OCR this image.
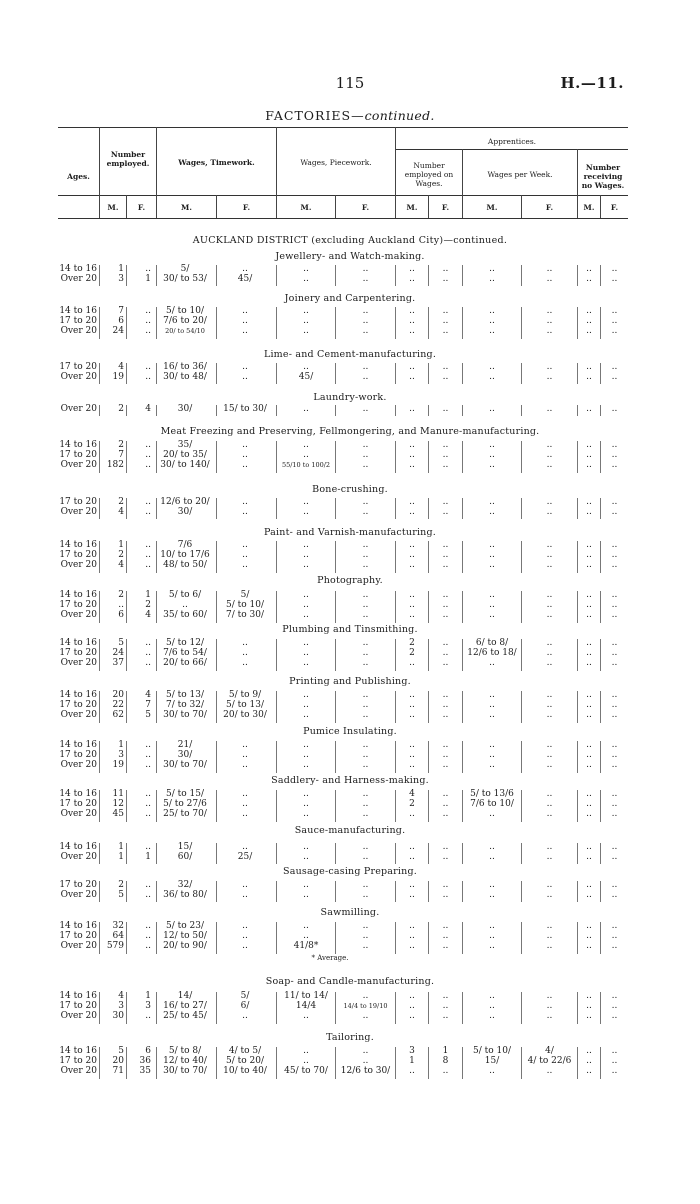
115	H.—11.
FACTORIES—continued.
Ages.
Number employed.	Wages, Timework.	Wages, Piecework.
Apprentices.
Number employed on Wages.
Wages per Week.
Number receiving no Wages.
M.	F.	M.	F.	M.	F.	M.	F.	M.	F.	M.	F.
AUCKLAND DISTRICT (excluding Auckland City)—continued.
Jewellery- and Watch-making.
14 to 16	1	..	5/	..	..	..	..	..	..	..	..	..
Over 20	3	1	30/ to 53/	45/	..	..	..	..	..	..	..	..
Joinery and Carpentering.
14 to 16	7	..	5/ to 10/	..	..	..	..	..	..	..	..	..
17 to 20	6	..	7/6 to 20/	..	..	..	..	..	..	..	..	..
Over 20	24	..	20/ to 54/10	..	..	..	..	..	..	..	..	..
Lime- and Cement-manufacturing.
17 to 20	4	..	16/ to 36/	..	..	..	..	..	..	..	..	..
Over 20	19	..	30/ to 48/	..	45/	..	..	..	..	..	..	..
Laundry-work.
Over 20	2	4	30/	15/ to 30/	..	..	..	..	..	..	..	..
Meat Freezing and Preserving, Fellmongering, and Manure-manufacturing.
14 to 16	2	..	35/	..	..	..	..	..	..	..	..	..
17 to 20	7	..	20/ to 35/	..	..	..	..	..	..	..	..	..
Over 20	182	..	30/ to 140/	..	55/10 to 100/2	..	..	..	..	..	..	..
Bone-crushing.
17 to 20	2	..	12/6 to 20/	..	..	..	..	..	..	..	..	..
Over 20	4	..	30/	..	..	..	..	..	..	..	..	..
Paint- and Varnish-manufacturing.
14 to 16	1	..	7/6	..	..	..	..	..	..	..	..	..
17 to 20	2	..	10/ to 17/6	..	..	..	..	..	..	..	..	..
Over 20	4	..	48/ to 50/	..	..	..	..	..	..	..	..	..
Photography.
14 to 16	2	1	5/ to 6/	5/	..	..	..	..	..	..	..	..
17 to 20	..	2	..	5/ to 10/	..	..	..	..	..	..	..	..
Over 20	6	4	35/ to 60/	7/ to 30/	..	..	..	..	..	..	..	..
Plumbing and Tinsmithing.
14 to 16	5	..	5/ to 12/	..	..	..	2	..	6/ to 8/	..	..	..
17 to 20	24	..	7/6 to 54/	..	..	..	2	..	12/6 to 18/	..	..	..
Over 20	37	..	20/ to 66/	..	..	..	..	..	..	..	..	..
Printing and Publishing.
14 to 16	20	4	5/ to 13/	5/ to 9/	..	..	..	..	..	..	..	..
17 to 20	22	7	7/ to 32/	5/ to 13/	..	..	..	..	..	..	..	..
Over 20	62	5	30/ to 70/	20/ to 30/	..	..	..	..	..	..	..	..
Pumice Insulating.
14 to 16	1	..	21/	..	..	..	..	..	..	..	..	..
17 to 20	3	..	30/	..	..	..	..	..	..	..	..	..
Over 20	19	..	30/ to 70/	..	..	..	..	..	..	..	..	..
Saddlery- and Harness-making.
14 to 16	11	..	5/ to 15/	..	..	..	4	..	5/ to 13/6	..	..	..
17 to 20	12	..	5/ to 27/6	..	..	..	2	..	7/6 to 10/	..	..	..
Over 20	45	..	25/ to 70/	..	..	..	..	..	..	..	..	..
Sauce-manufacturing.
14 to 16	1	..	15/	..	..	..	..	..	..	..	..	..
Over 20	1	1	60/	25/	..	..	..	..	..	..	..	..
Sausage-casing Preparing.
17 to 20	2	..	32/	..	..	..	..	..	..	..	..	..
Over 20	5	..	36/ to 80/	..	..	..	..	..	..	..	..	..
Sawmilling.
14 to 16	32	..	5/ to 23/	..	..	..	..	..	..	..	..	..
17 to 20	64	..	12/ to 50/	..	..	..	..	..	..	..	..	..
Over 20	579	..	20/ to 90/	..	41/8*	..	..	..	..	..	..	..
* Average.
Soap- and Candle-manufacturing.
14 to 16	4	1	14/	5/	11/ to 14/	..	..	..	..	..	..	..
17 to 20	3	3	16/ to 27/	6/	14/4	14/4 to 19/10	..	..	..	..	..	..
Over 20	30	..	25/ to 45/	..	..	..	..	..	..	..	..	..
Tailoring.
14 to 16	5	6	5/ to 8/	4/ to 5/	..	..	3	1	5/ to 10/	4/	..	..
17 to 20	20	36	12/ to 40/	5/ to 20/	..	..	1	8	15/	4/ to 22/6	..	..
Over 20	71	35	30/ to 70/	10/ to 40/	45/ to 70/	12/6 to 30/	..	..	..	..	..	..
